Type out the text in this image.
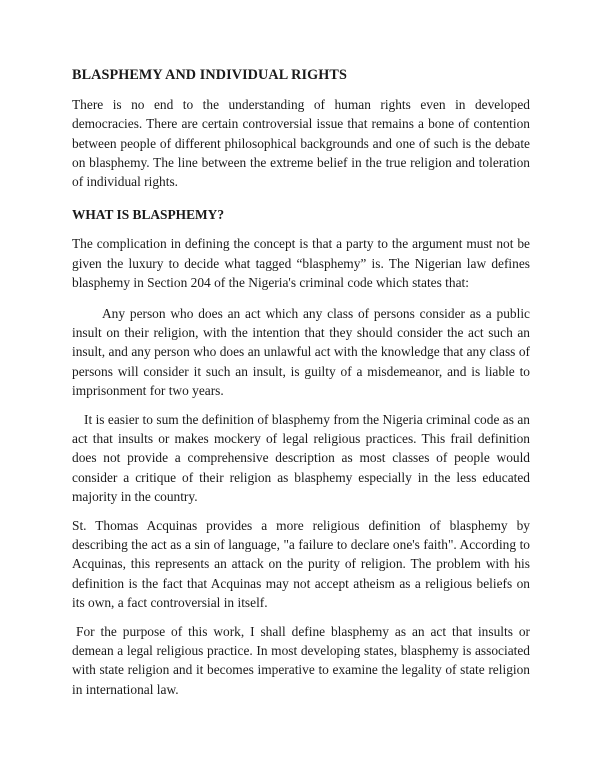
BLASPHEMY AND INDIVIDUAL RIGHTS

There is no end to the understanding of human rights even in developed democracies. There are certain controversial issue that remains a bone of contention between people of different philosophical backgrounds and one of such is the debate on blasphemy. The line between the extreme belief in the true religion and toleration of individual rights.

WHAT IS BLASPHEMY?

The complication in defining the concept is that a party to the argument must not be given the luxury to decide what tagged “blasphemy” is. The Nigerian law defines blasphemy in Section 204 of the Nigeria's criminal code which states that:

Any person who does an act which any class of persons consider as a public insult on their religion, with the intention that they should consider the act such an insult, and any person who does an unlawful act with the knowledge that any class of persons will consider it such an insult, is guilty of a misdemeanor, and is liable to imprisonment for two years.

It is easier to sum the definition of blasphemy from the Nigeria criminal code as an act that insults or makes mockery of legal religious practices. This frail definition does not provide a comprehensive description as most classes of people would consider a critique of their religion as blasphemy especially in the less educated majority in the country.

St. Thomas Acquinas provides a more religious definition of blasphemy by describing the act as a sin of language, "a failure to declare one's faith". According to Acquinas, this represents an attack on the purity of religion. The problem with his definition is the fact that Acquinas may not accept atheism as a religious beliefs on its own, a fact controversial in itself.

For the purpose of this work, I shall define blasphemy as an act that insults or demean a legal religious practice. In most developing states, blasphemy is associated with state religion and it becomes imperative to examine the legality of state religion in international law.
